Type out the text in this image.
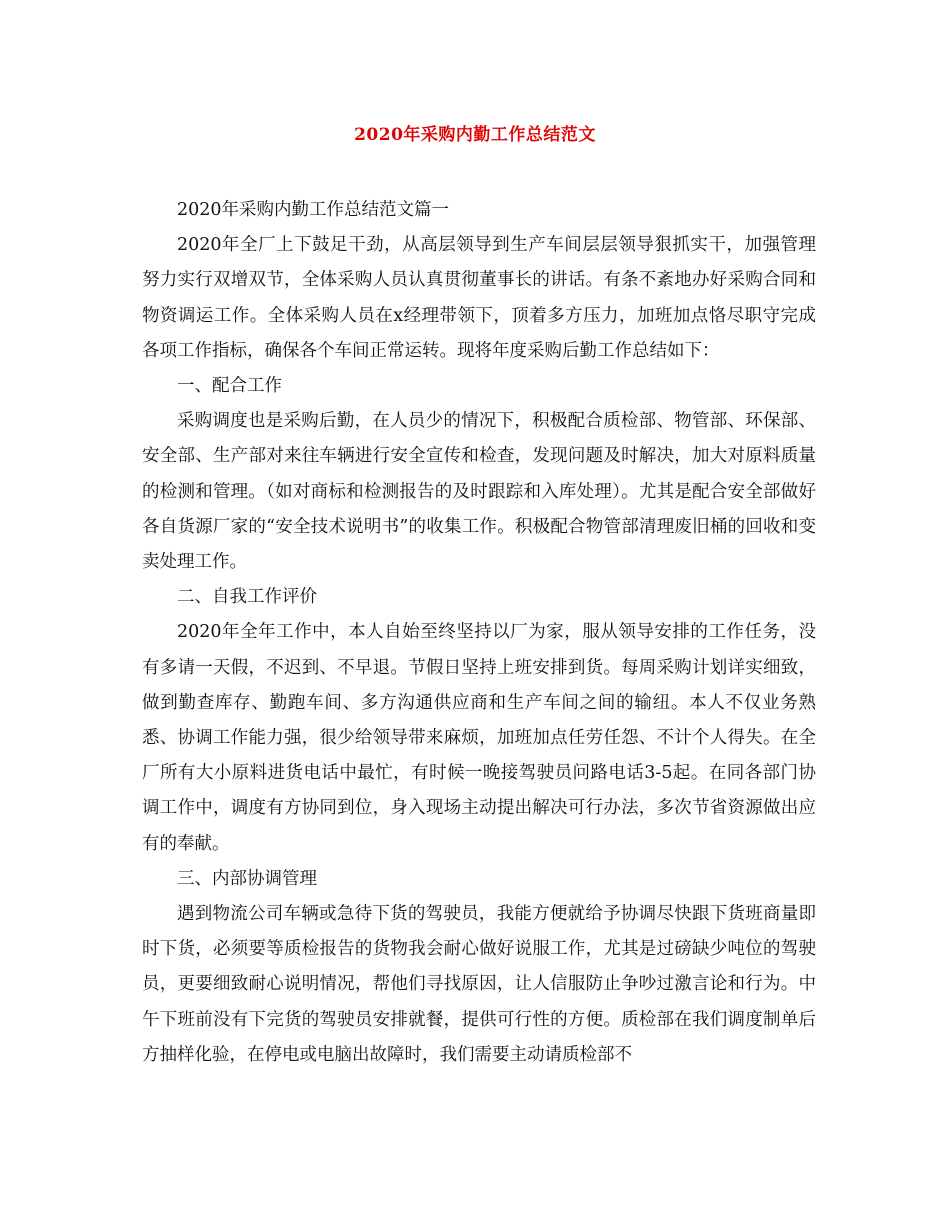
2020年采购内勤工作总结范文

2020年采购内勤工作总结范文篇一

2020年全厂上下鼓足干劲，从高层领导到生产车间层层领导狠抓实干，加强管理努力实行双增双节，全体采购人员认真贯彻董事长的讲话。有条不紊地办好采购合同和物资调运工作。全体采购人员在x经理带领下，顶着多方压力，加班加点恪尽职守完成各项工作指标，确保各个车间正常运转。现将年度采购后勤工作总结如下：

一、配合工作

采购调度也是采购后勤，在人员少的情况下，积极配合质检部、物管部、环保部、安全部、生产部对来往车辆进行安全宣传和检查，发现问题及时解决，加大对原料质量的检测和管理。（如对商标和检测报告的及时跟踪和入库处理）。尤其是配合安全部做好各自货源厂家的“安全技术说明书”的收集工作。积极配合物管部清理废旧桶的回收和变卖处理工作。

二、自我工作评价

2020年全年工作中，本人自始至终坚持以厂为家，服从领导安排的工作任务，没有多请一天假，不迟到、不早退。节假日坚持上班安排到货。每周采购计划详实细致，做到勤查库存、勤跑车间、多方沟通供应商和生产车间之间的输纽。本人不仅业务熟悉、协调工作能力强，很少给领导带来麻烦，加班加点任劳任怨、不计个人得失。在全厂所有大小原料进货电话中最忙，有时候一晚接驾驶员问路电话3-5起。在同各部门协调工作中，调度有方协同到位，身入现场主动提出解决可行办法，多次节省资源做出应有的奉献。

三、内部协调管理

遇到物流公司车辆或急待下货的驾驶员，我能方便就给予协调尽快跟下货班商量即时下货，必须要等质检报告的货物我会耐心做好说服工作，尤其是过磅缺少吨位的驾驶员，更要细致耐心说明情况，帮他们寻找原因，让人信服防止争吵过激言论和行为。中午下班前没有下完货的驾驶员安排就餐，提供可行性的方便。质检部在我们调度制单后方抽样化验，在停电或电脑出故障时，我们需要主动请质检部不
